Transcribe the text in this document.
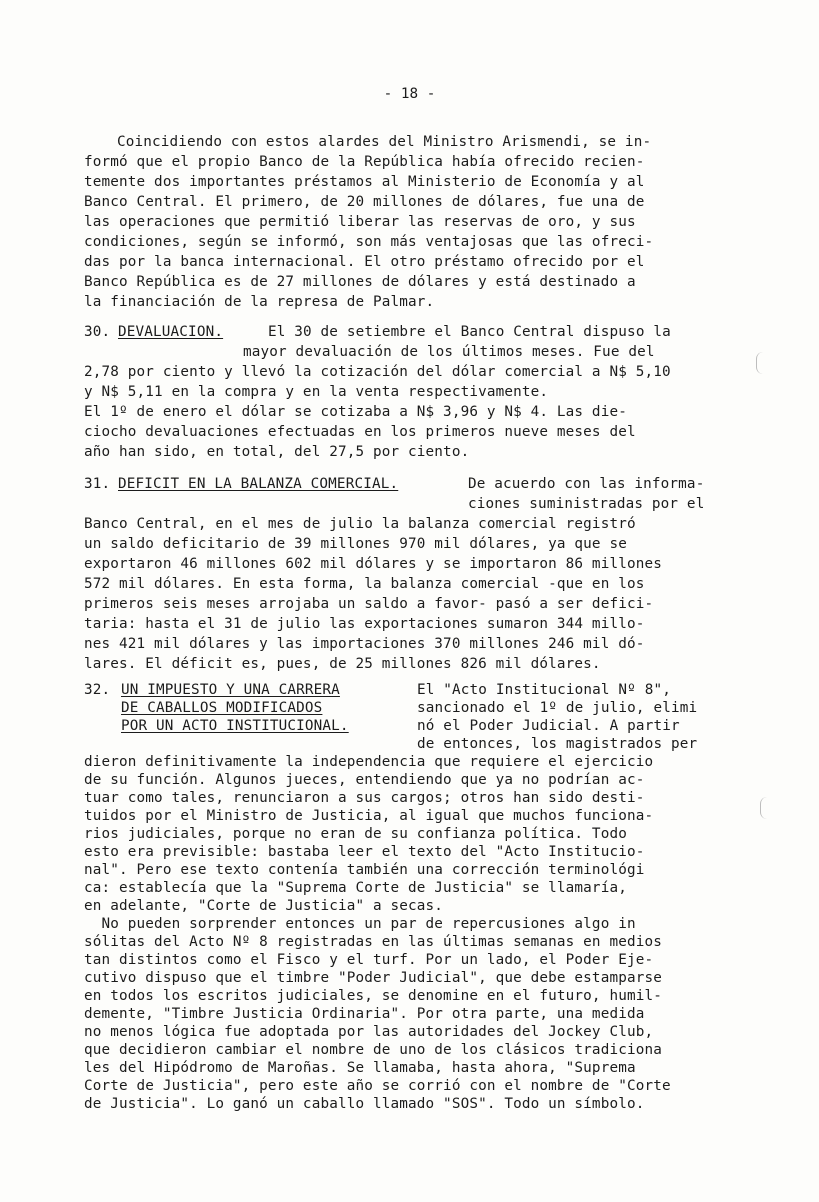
- 18 -
Coincidiendo con estos alardes del Ministro Arismendi, se in-
formó que el propio Banco de la República había ofrecido recien-
temente dos importantes préstamos al Ministerio de Economía y al
Banco Central. El primero, de 20 millones de dólares, fue una de
las operaciones que permitió liberar las reservas de oro, y sus
condiciones, según se informó, son más ventajosas que las ofreci-
das por la banca internacional. El otro préstamo ofrecido por el
Banco República es de 27 millones de dólares y está destinado a
la financiación de la represa de Palmar.
30. DEVALUACION.	El 30 de setiembre el Banco Central dispuso la
mayor devaluación de los últimos meses. Fue del
2,78 por ciento y llevó la cotización del dólar comercial a N$ 5,10
y N$ 5,11 en la compra y en la venta respectivamente.
El 1º de enero el dólar se cotizaba a N$ 3,96 y N$ 4. Las die-
ciocho devaluaciones efectuadas en los primeros nueve meses del
año han sido, en total, del 27,5 por ciento.
31. DEFICIT EN LA BALANZA COMERCIAL.	De acuerdo con las informa-
ciones suministradas por el
Banco Central, en el mes de julio la balanza comercial registró
un saldo deficitario de 39 millones 970 mil dólares, ya que se
exportaron 46 millones 602 mil dólares y se importaron 86 millones
572 mil dólares. En esta forma, la balanza comercial -que en los
primeros seis meses arrojaba un saldo a favor- pasó a ser defici-
taria: hasta el 31 de julio las exportaciones sumaron 344 millo-
nes 421 mil dólares y las importaciones 370 millones 246 mil dó-
lares. El déficit es, pues, de 25 millones 826 mil dólares.
32. UN IMPUESTO Y UNA CARRERA
DE CABALLOS MODIFICADOS
POR UN ACTO INSTITUCIONAL.
El "Acto Institucional Nº 8",
sancionado el 1º de julio, elimi
nó el Poder Judicial. A partir
de entonces, los magistrados per
dieron definitivamente la independencia que requiere el ejercicio
de su función. Algunos jueces, entendiendo que ya no podrían ac-
tuar como tales, renunciaron a sus cargos; otros han sido desti-
tuidos por el Ministro de Justicia, al igual que muchos funciona-
rios judiciales, porque no eran de su confianza política. Todo
esto era previsible: bastaba leer el texto del "Acto Institucio-
nal". Pero ese texto contenía también una corrección terminológi
ca: establecía que la "Suprema Corte de Justicia" se llamaría,
en adelante, "Corte de Justicia" a secas.
No pueden sorprender entonces un par de repercusiones algo in
sólitas del Acto Nº 8 registradas en las últimas semanas en medios
tan distintos como el Fisco y el turf. Por un lado, el Poder Eje-
cutivo dispuso que el timbre "Poder Judicial", que debe estamparse
en todos los escritos judiciales, se denomine en el futuro, humil-
demente, "Timbre Justicia Ordinaria". Por otra parte, una medida
no menos lógica fue adoptada por las autoridades del Jockey Club,
que decidieron cambiar el nombre de uno de los clásicos tradiciona
les del Hipódromo de Maroñas. Se llamaba, hasta ahora, "Suprema
Corte de Justicia", pero este año se corrió con el nombre de "Corte
de Justicia". Lo ganó un caballo llamado "SOS". Todo un símbolo.
